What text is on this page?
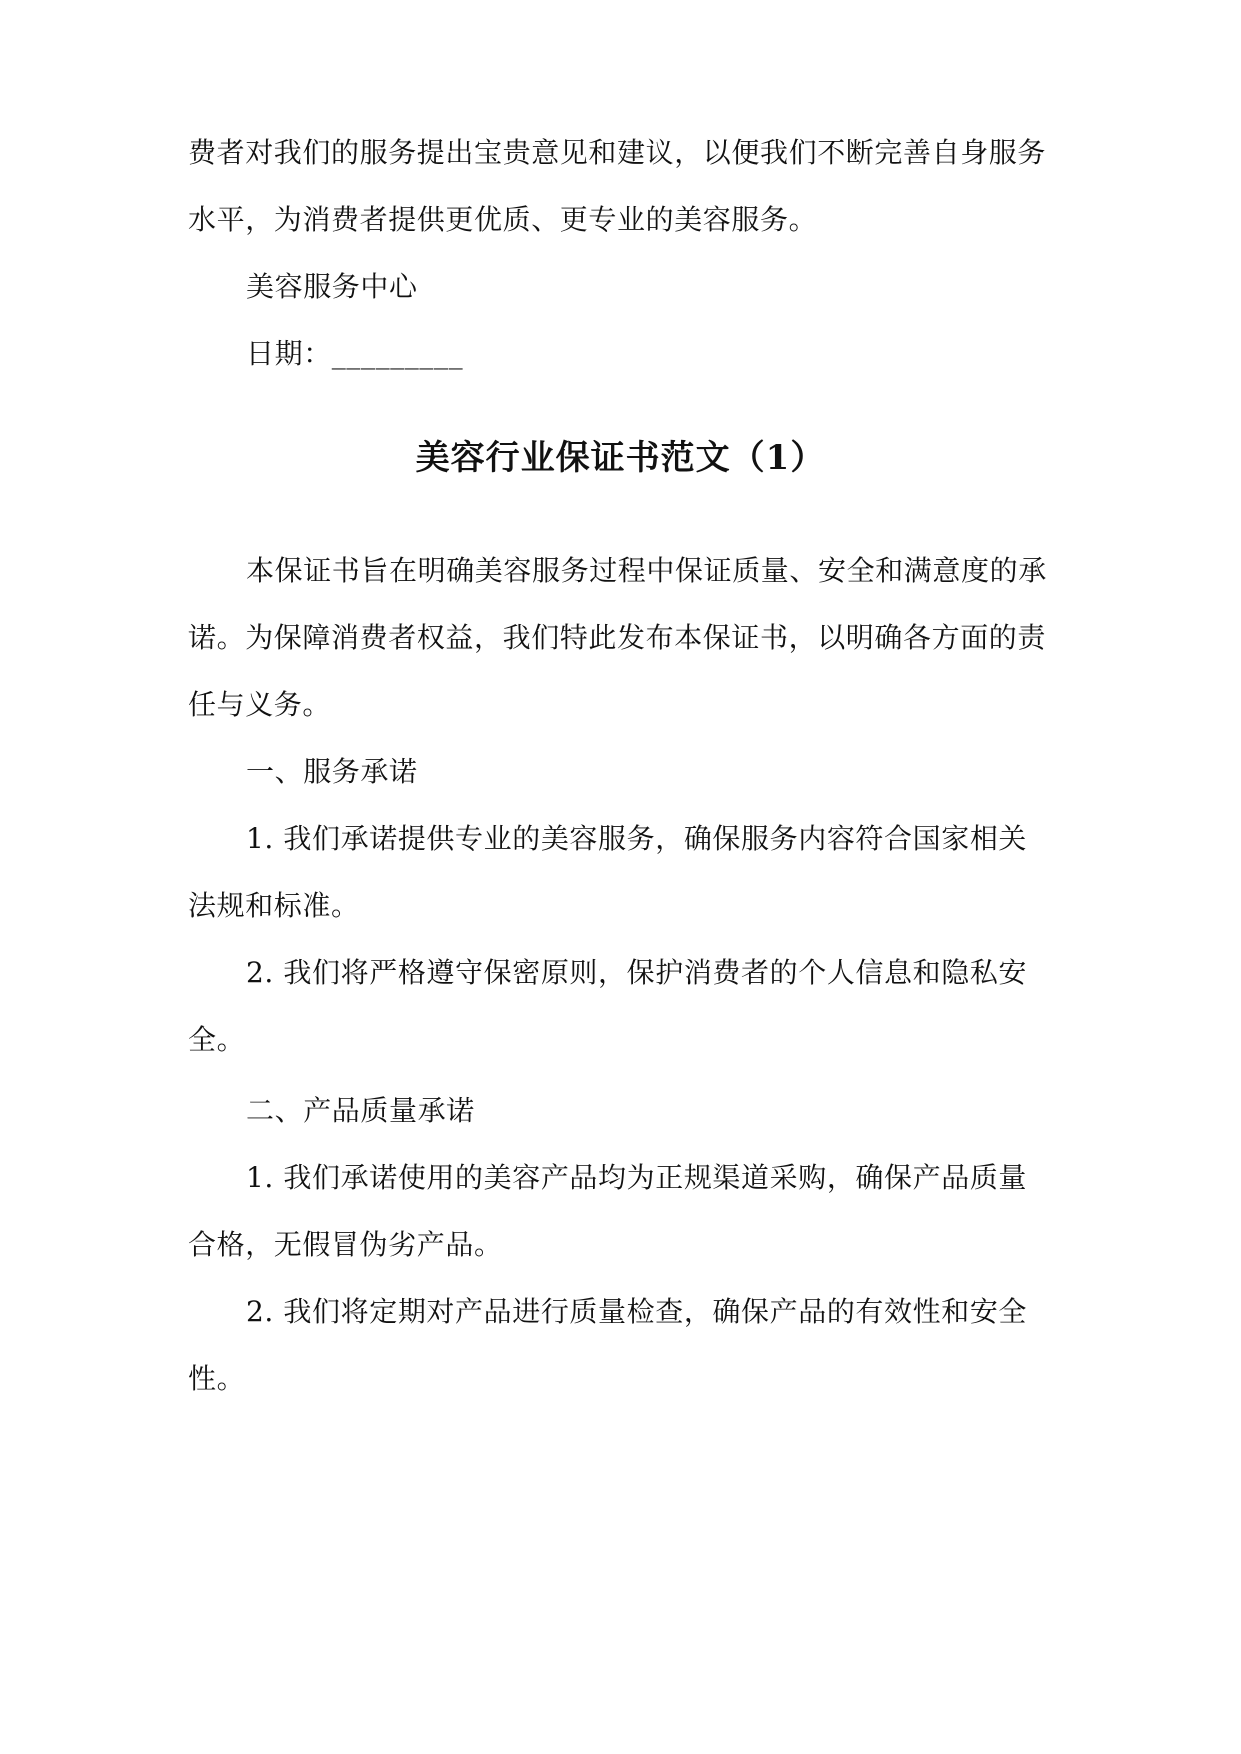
费者对我们的服务提出宝贵意见和建议，以便我们不断完善自身服务
水平，为消费者提供更优质、更专业的美容服务。
美容服务中心
日期：_________
美容行业保证书范文（1）
本保证书旨在明确美容服务过程中保证质量、安全和满意度的承
诺。为保障消费者权益，我们特此发布本保证书，以明确各方面的责
任与义务。
一、服务承诺
1. 我们承诺提供专业的美容服务，确保服务内容符合国家相关
法规和标准。
2. 我们将严格遵守保密原则，保护消费者的个人信息和隐私安
全。
二、产品质量承诺
1. 我们承诺使用的美容产品均为正规渠道采购，确保产品质量
合格，无假冒伪劣产品。
2. 我们将定期对产品进行质量检查，确保产品的有效性和安全
性。
